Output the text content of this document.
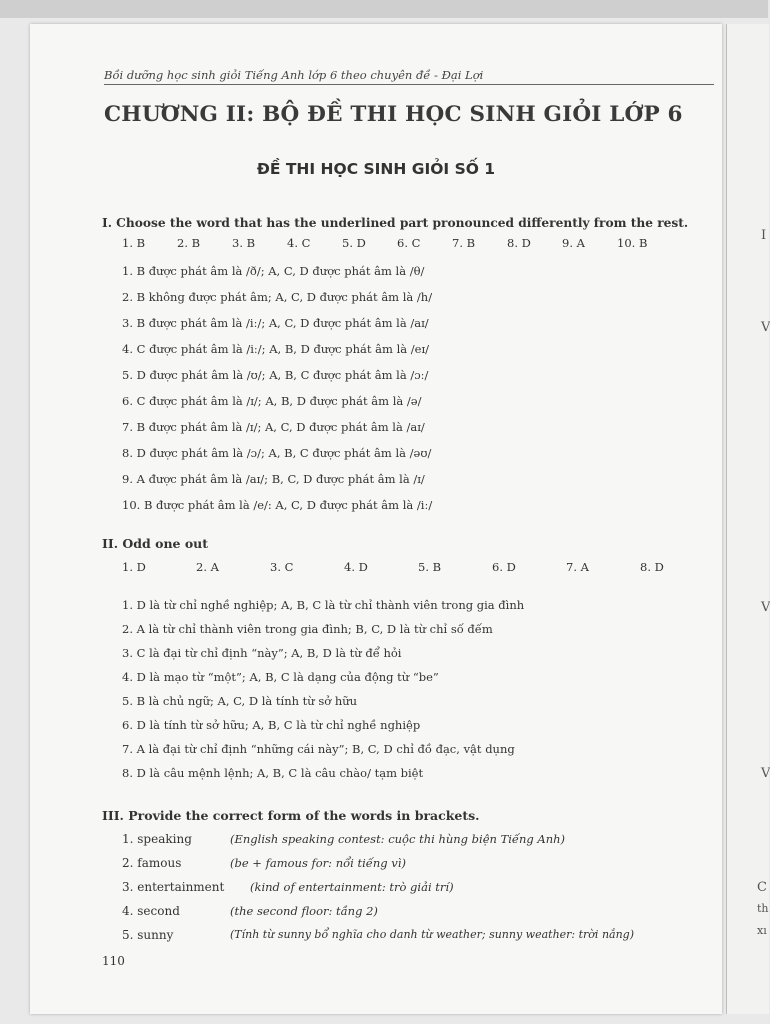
I
V
V
V
C
th
xı
Bồi dưỡng học sinh giỏi Tiếng Anh lớp 6 theo chuyên đề - Đại Lợi
CHƯƠNG II: BỘ ĐỀ THI HỌC SINH GIỎI LỚP 6
ĐỀ THI HỌC SINH GIỎI SỐ 1
I. Choose the word that has the underlined part pronounced differently from the rest.
1. B	2. B	3. B	4. C	5. D	6. C	7. B	8. D	9. A	10. B
1. B được phát âm là /ð/; A, C, D được phát âm là /θ/
2. B không được phát âm; A, C, D được phát âm là /h/
3. B được phát âm là /iː/; A, C, D được phát âm là /aɪ/
4. C được phát âm là /iː/; A, B, D được phát âm là /eɪ/
5. D được phát âm là /ʊ/; A, B, C được phát âm là /ɔː/
6. C được phát âm là /ɪ/; A, B, D được phát âm là /ə/
7. B được phát âm là /ɪ/; A, C, D được phát âm là /aɪ/
8. D được phát âm là /ɔ/; A, B, C được phát âm là /əʊ/
9. A được phát âm là /aɪ/; B, C, D được phát âm là /ɪ/
10. B được phát âm là /e/: A, C, D được phát âm là /iː/
II. Odd one out
1. D	2. A	3. C	4. D	5. B	6. D	7. A	8. D
1. D là từ chỉ nghề nghiệp; A, B, C là từ chỉ thành viên trong gia đình
2. A là từ chỉ thành viên trong gia đình; B, C, D là từ chỉ số đếm
3. C là đại từ chỉ định “này”; A, B, D là từ để hỏi
4. D là mạo từ “một”; A, B, C là dạng của động từ “be”
5. B là chủ ngữ; A, C, D là tính từ sở hữu
6. D là tính từ sở hữu; A, B, C là từ chỉ nghề nghiệp
7. A là đại từ chỉ định “những cái này”; B, C, D chỉ đồ đạc, vật dụng
8. D là câu mệnh lệnh; A, B, C là câu chào/ tạm biệt
III. Provide the correct form of the words in brackets.
1. speaking	(English speaking contest: cuộc thi hùng biện Tiếng Anh)
2. famous	(be + famous for: nổi tiếng vì)
3. entertainment (kind of entertainment: trò giải trí)
4. second	(the second floor: tầng 2)
5. sunny	(Tính từ sunny bổ nghĩa cho danh từ weather; sunny weather: trời nắng)
110
